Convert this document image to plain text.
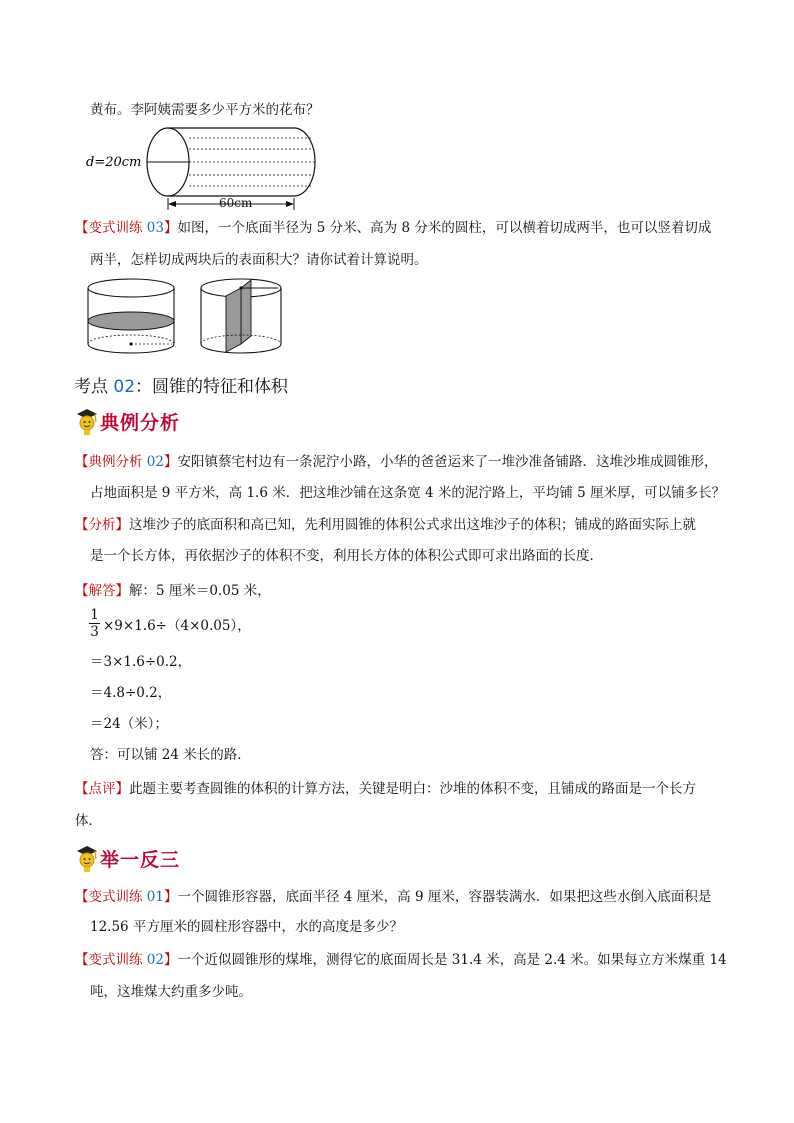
黄布。李阿姨需要多少平方米的花布？
d=20cm
60cm
【变式训练 03】如图，一个底面半径为 5 分米、高为 8 分米的圆柱，可以横着切成两半，也可以竖着切成
两半，怎样切成两块后的表面积大？请你试着计算说明。
考点 02：圆锥的特征和体积
典例分析
【典例分析 02】安阳镇蔡宅村边有一条泥泞小路，小华的爸爸运来了一堆沙准备铺路．这堆沙堆成圆锥形，
占地面积是 9 平方米，高 1.6 米．把这堆沙铺在这条宽 4 米的泥泞路上，平均铺 5 厘米厚，可以铺多长？
【分析】这堆沙子的底面积和高已知，先利用圆锥的体积公式求出这堆沙子的体积；铺成的路面实际上就
是一个长方体，再依据沙子的体积不变，利用长方体的体积公式即可求出路面的长度．
【解答】解：5 厘米＝0.05 米，
1
3 ×9×1.6÷（4×0.05），
＝3×1.6÷0.2，
＝4.8÷0.2，
＝24（米）；
答：可以铺 24 米长的路．
【点评】此题主要考查圆锥的体积的计算方法，关键是明白：沙堆的体积不变，且铺成的路面是一个长方
体．
举一反三
【变式训练 01】一个圆锥形容器，底面半径 4 厘米，高 9 厘米，容器装满水．如果把这些水倒入底面积是
12.56 平方厘米的圆柱形容器中，水的高度是多少？
【变式训练 02】一个近似圆锥形的煤堆，测得它的底面周长是 31.4 米，高是 2.4 米。如果每立方米煤重 14
吨，这堆煤大约重多少吨。
